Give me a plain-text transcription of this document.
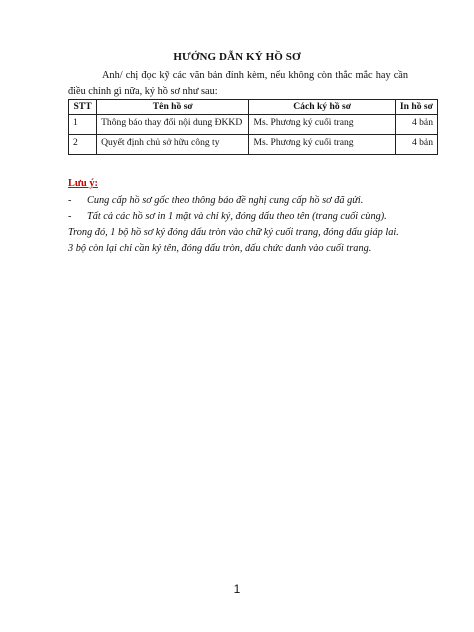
HƯỚNG DẪN KÝ HỒ SƠ
Anh/ chị đọc kỹ các văn bản đính kèm, nếu không còn thắc mắc hay cần điều chỉnh gì nữa, ký hồ sơ như sau:
STT	Tên hồ sơ	Cách ký hồ sơ	In hồ sơ
1	Thông báo thay đổi nội dung ĐKKD	Ms. Phương ký cuối trang	4 bản
2	Quyết định chủ sở hữu công ty	Ms. Phương ký cuối trang	4 bản
Lưu ý:
-	Cung cấp hồ sơ gốc theo thông báo đề nghị cung cấp hồ sơ đã gửi.
-	Tất cả các hồ sơ in 1 mặt và chỉ ký, đóng dấu theo tên (trang cuối cùng).
Trong đó, 1 bộ hồ sơ ký đóng dấu tròn vào chữ ký cuối trang, đóng dấu giáp lai.
3 bộ còn lại chỉ cần ký tên, đóng dấu tròn, dấu chức danh vào cuối trang.
1
